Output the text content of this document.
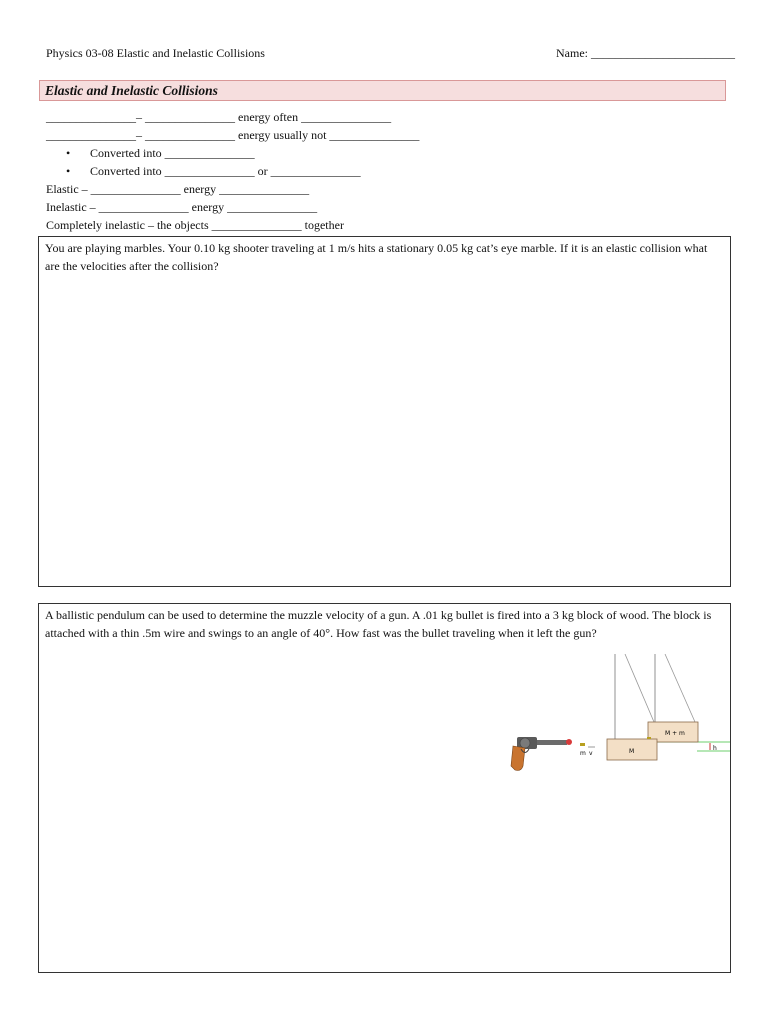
Physics 03-08 Elastic and Inelastic Collisions	Name: ________________________
Elastic and Inelastic Collisions
_______________– _______________ energy often _______________
_______________– _______________ energy usually not _______________
• Converted into _______________
• Converted into _______________ or _______________
Elastic – _______________ energy _______________
Inelastic – _______________ energy _______________
Completely inelastic – the objects _______________ together
You are playing marbles. Your 0.10 kg shooter traveling at 1 m/s hits a stationary 0.05 kg cat’s eye marble. If it is an elastic collision what are the velocities after the collision?
A ballistic pendulum can be used to determine the muzzle velocity of a gun. A .01 kg bullet is fired into a 3 kg block of wood. The block is attached with a thin .5m wire and swings to an angle of 40°. How fast was the bullet traveling when it left the gun?
h
M + m
M
m v
